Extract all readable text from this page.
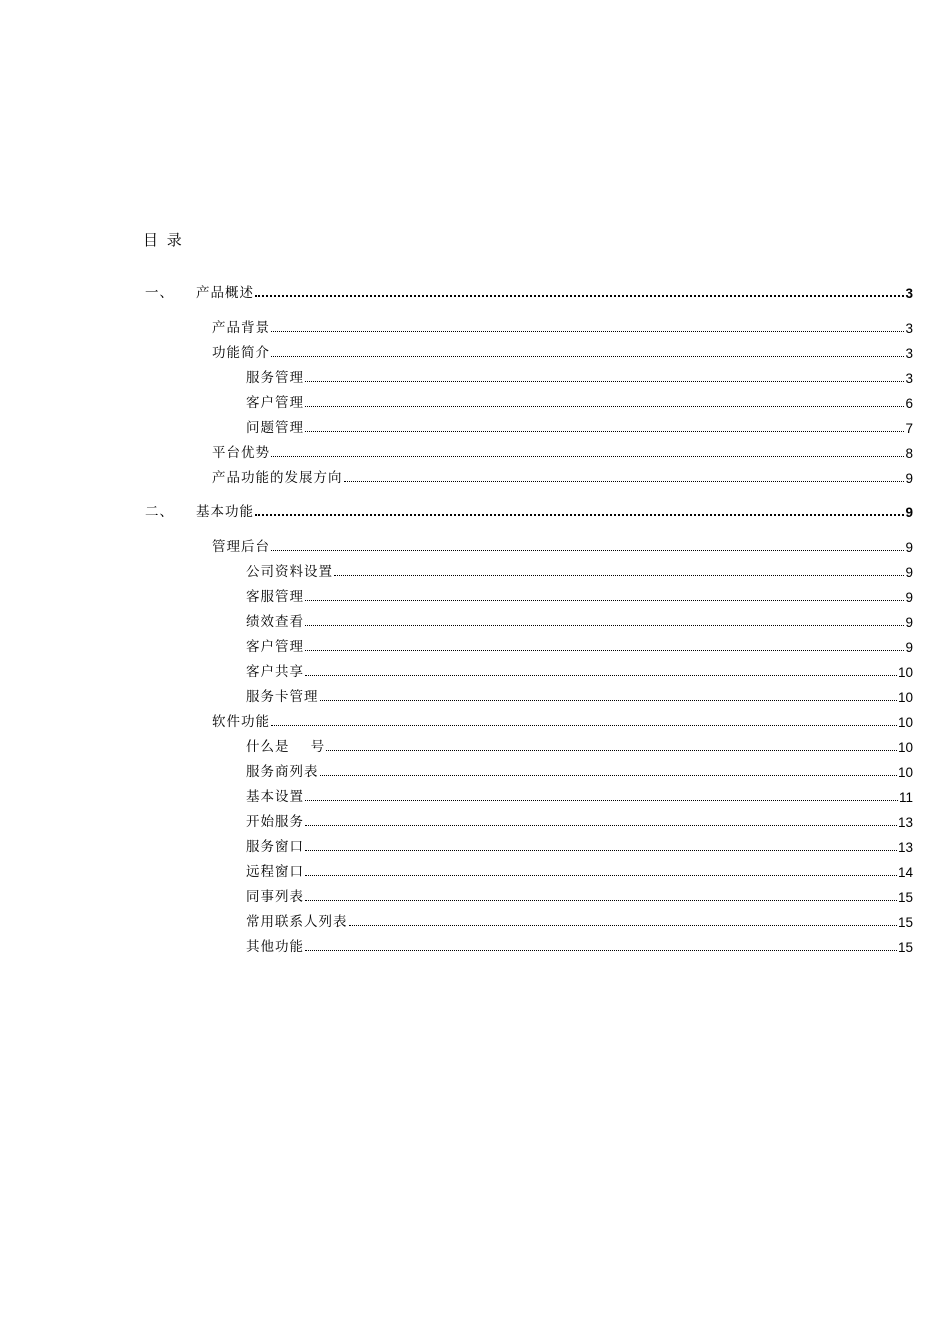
目 录
一、	产品概述	3
产品背景	3
功能简介	3
服务管理	3
客户管理	6
问题管理	7
平台优势	8
产品功能的发展方向	9
二、	基本功能	9
管理后台	9
公司资料设置	9
客服管理	9
绩效查看	9
客户管理	9
客户共享	10
服务卡管理	10
软件功能	10
什么是    号	10
服务商列表	10
基本设置	11
开始服务	13
服务窗口	13
远程窗口	14
同事列表	15
常用联系人列表	15
其他功能	15
